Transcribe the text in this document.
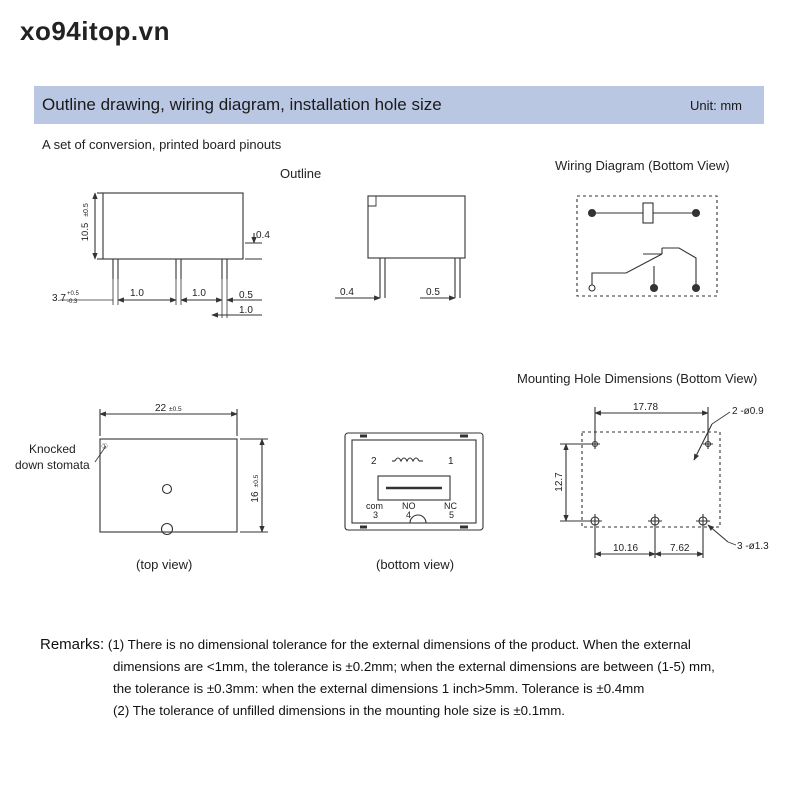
xo94itop.vn
Outline drawing, wiring diagram, installation hole size	Unit: mm
A set of conversion, printed board pinouts
Outline
Wiring Diagram (Bottom View)
Mounting Hole Dimensions (Bottom View)
(top view)	(bottom view)
Knocked
down stomata
10.5
±0.5
0.4
1.0	1.0	0.5
1.0
3.7 +0.5
-0.3
0.4	0.5
22 ±0.5
16
±0.5
①
2	1
com
3
NO
4
NC
5
17.78
12.7
10.16	7.62
2 -ø0.9
3 -ø1.3
Remarks: (1) There is no dimensional tolerance for the external dimensions of the product. When the external
dimensions are <1mm, the tolerance is ±0.2mm; when the external dimensions are between (1-5) mm,
the tolerance is ±0.3mm: when the external dimensions 1 inch>5mm. Tolerance is ±0.4mm
(2) The tolerance of unfilled dimensions in the mounting hole size is ±0.1mm.
